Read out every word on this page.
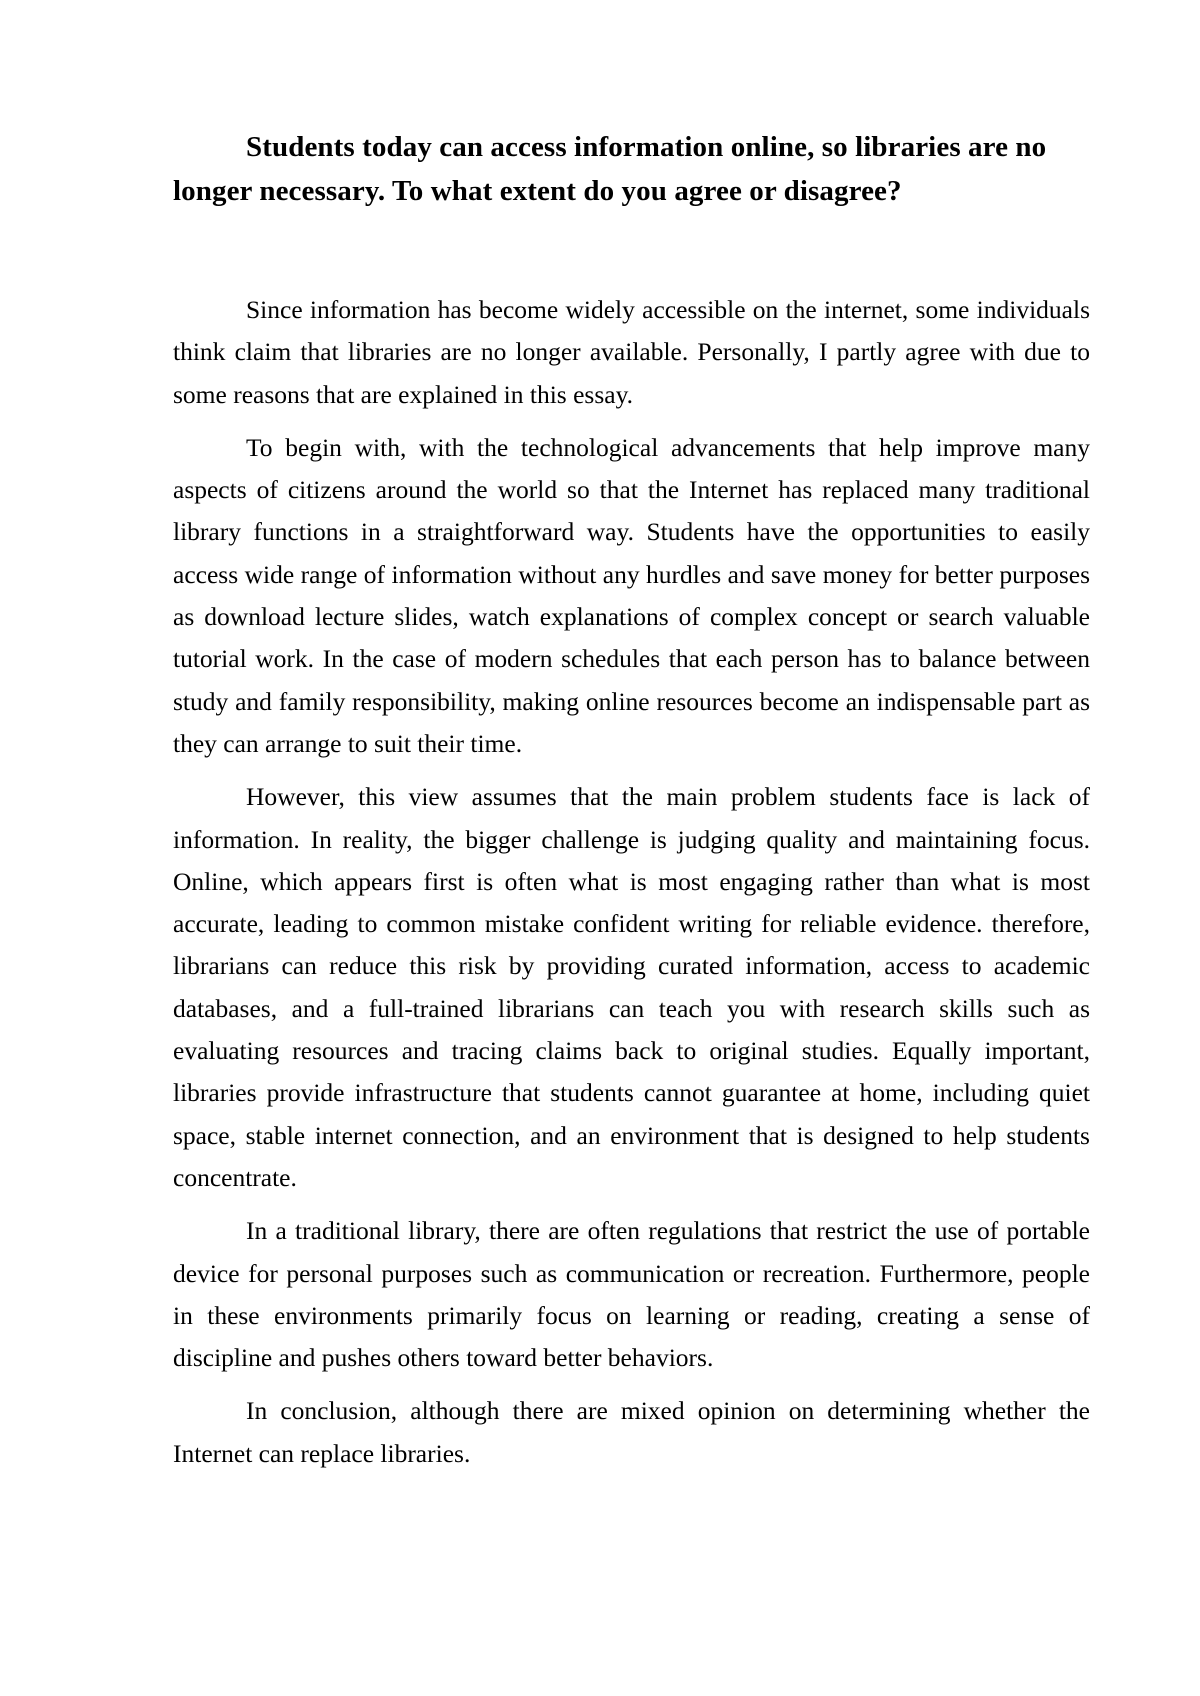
Students today can access information online, so libraries are no longer necessary. To what extent do you agree or disagree?

Since information has become widely accessible on the internet, some individuals think claim that libraries are no longer available. Personally, I partly agree with due to some reasons that are explained in this essay.

To begin with, with the technological advancements that help improve many aspects of citizens around the world so that the Internet has replaced many traditional library functions in a straightforward way. Students have the opportunities to easily access wide range of information without any hurdles and save money for better purposes as download lecture slides, watch explanations of complex concept or search valuable tutorial work. In the case of modern schedules that each person has to balance between study and family responsibility, making online resources become an indispensable part as they can arrange to suit their time.

However, this view assumes that the main problem students face is lack of information. In reality, the bigger challenge is judging quality and maintaining focus. Online, which appears first is often what is most engaging rather than what is most accurate, leading to common mistake confident writing for reliable evidence. therefore, librarians can reduce this risk by providing curated information, access to academic databases, and a full-trained librarians can teach you with research skills such as evaluating resources and tracing claims back to original studies. Equally important, libraries provide infrastructure that students cannot guarantee at home, including quiet space, stable internet connection, and an environment that is designed to help students concentrate.

In a traditional library, there are often regulations that restrict the use of portable device for personal purposes such as communication or recreation. Furthermore, people in these environments primarily focus on learning or reading, creating a sense of discipline and pushes others toward better behaviors.

In conclusion, although there are mixed opinion on determining whether the Internet can replace libraries.
